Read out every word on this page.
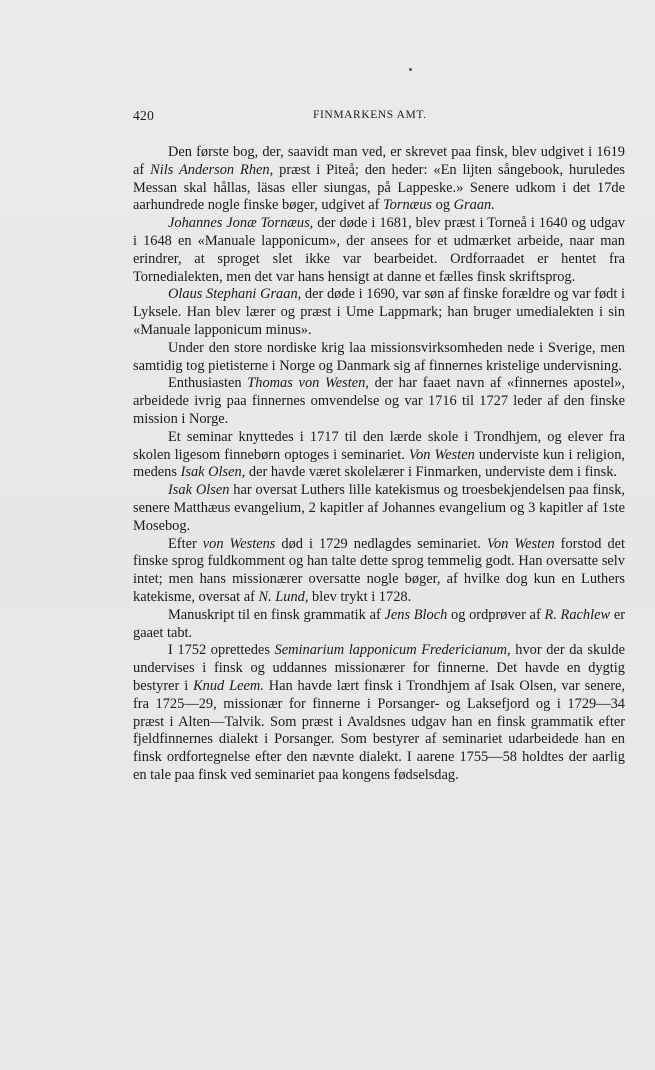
420	FINMARKENS AMT.

Den første bog, der, saavidt man ved, er skrevet paa finsk, blev udgivet i 1619 af Nils Anderson Rhen, præst i Piteå; den heder: «En lijten sångebook, huruledes Messan skal hållas, läsas eller siungas, på Lappeske.» Senere udkom i det 17de aarhundrede nogle finske bøger, udgivet af Tornæus og Graan.

Johannes Jonæ Tornæus, der døde i 1681, blev præst i Torneå i 1640 og udgav i 1648 en «Manuale lapponicum», der ansees for et udmærket arbeide, naar man erindrer, at sproget slet ikke var bearbeidet. Ordforraadet er hentet fra Tornedialekten, men det var hans hensigt at danne et fælles finsk skriftsprog.

Olaus Stephani Graan, der døde i 1690, var søn af finske forældre og var født i Lyksele. Han blev lærer og præst i Ume Lappmark; han bruger umedialekten i sin «Manuale lapponicum minus».

Under den store nordiske krig laa missionsvirksomheden nede i Sverige, men samtidig tog pietisterne i Norge og Danmark sig af finnernes kristelige undervisning.

Enthusiasten Thomas von Westen, der har faaet navn af «finnernes apostel», arbeidede ivrig paa finnernes omvendelse og var 1716 til 1727 leder af den finske mission i Norge.

Et seminar knyttedes i 1717 til den lærde skole i Trondhjem, og elever fra skolen ligesom finnebørn optoges i seminariet. Von Westen underviste kun i religion, medens Isak Olsen, der havde været skolelærer i Finmarken, underviste dem i finsk.

Isak Olsen har oversat Luthers lille katekismus og troesbekjendelsen paa finsk, senere Matthæus evangelium, 2 kapitler af Johannes evangelium og 3 kapitler af 1ste Mosebog.

Efter von Westens død i 1729 nedlagdes seminariet. Von Westen forstod det finske sprog fuldkomment og han talte dette sprog temmelig godt. Han oversatte selv intet; men hans missionærer oversatte nogle bøger, af hvilke dog kun en Luthers katekisme, oversat af N. Lund, blev trykt i 1728.

Manuskript til en finsk grammatik af Jens Bloch og ordprøver af R. Rachlew er gaaet tabt.

I 1752 oprettedes Seminarium lapponicum Fredericianum, hvor der da skulde undervises i finsk og uddannes missionærer for finnerne. Det havde en dygtig bestyrer i Knud Leem. Han havde lært finsk i Trondhjem af Isak Olsen, var senere, fra 1725—29, missionær for finnerne i Porsanger- og Laksefjord og i 1729—34 præst i Alten—Talvik. Som præst i Avaldsnes udgav han en finsk grammatik efter fjeldfinnernes dialekt i Porsanger. Som bestyrer af seminariet udarbeidede han en finsk ordfortegnelse efter den nævnte dialekt. I aarene 1755—58 holdtes der aarlig en tale paa finsk ved seminariet paa kongens fødselsdag.
